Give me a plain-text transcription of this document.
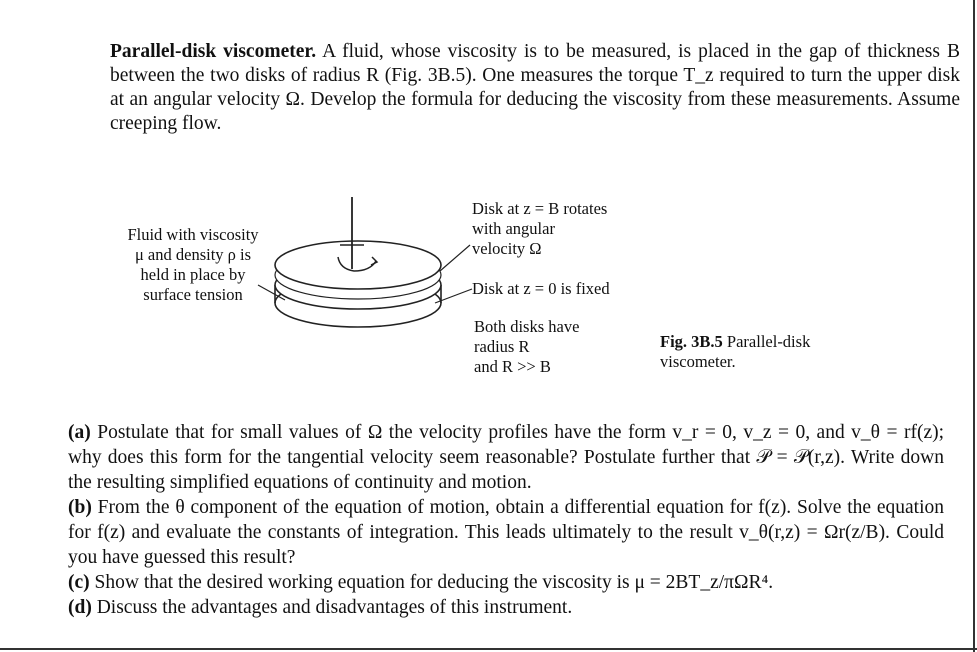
Parallel-disk viscometer. A fluid, whose viscosity is to be measured, is placed in the gap of thickness B between the two disks of radius R (Fig. 3B.5). One measures the torque T_z required to turn the upper disk at an angular velocity Ω. Develop the formula for deducing the viscosity from these measurements. Assume creeping flow.
Fluid with viscosity
μ and density ρ is
held in place by
surface tension
Disk at z = B rotates
with angular
velocity Ω
Disk at z = 0 is fixed
Both disks have
radius R
and R >> B
Fig. 3B.5 Parallel-disk
viscometer.

(a) Postulate that for small values of Ω the velocity profiles have the form v_r = 0, v_z = 0, and v_θ = rf(z); why does this form for the tangential velocity seem reasonable? Postulate further that 𝒫 = 𝒫(r,z). Write down the resulting simplified equations of continuity and motion.

(b) From the θ component of the equation of motion, obtain a differential equation for f(z). Solve the equation for f(z) and evaluate the constants of integration. This leads ultimately to the result v_θ(r,z) = Ωr(z/B). Could you have guessed this result?

(c) Show that the desired working equation for deducing the viscosity is μ = 2BT_z/πΩR⁴.

(d) Discuss the advantages and disadvantages of this instrument.
